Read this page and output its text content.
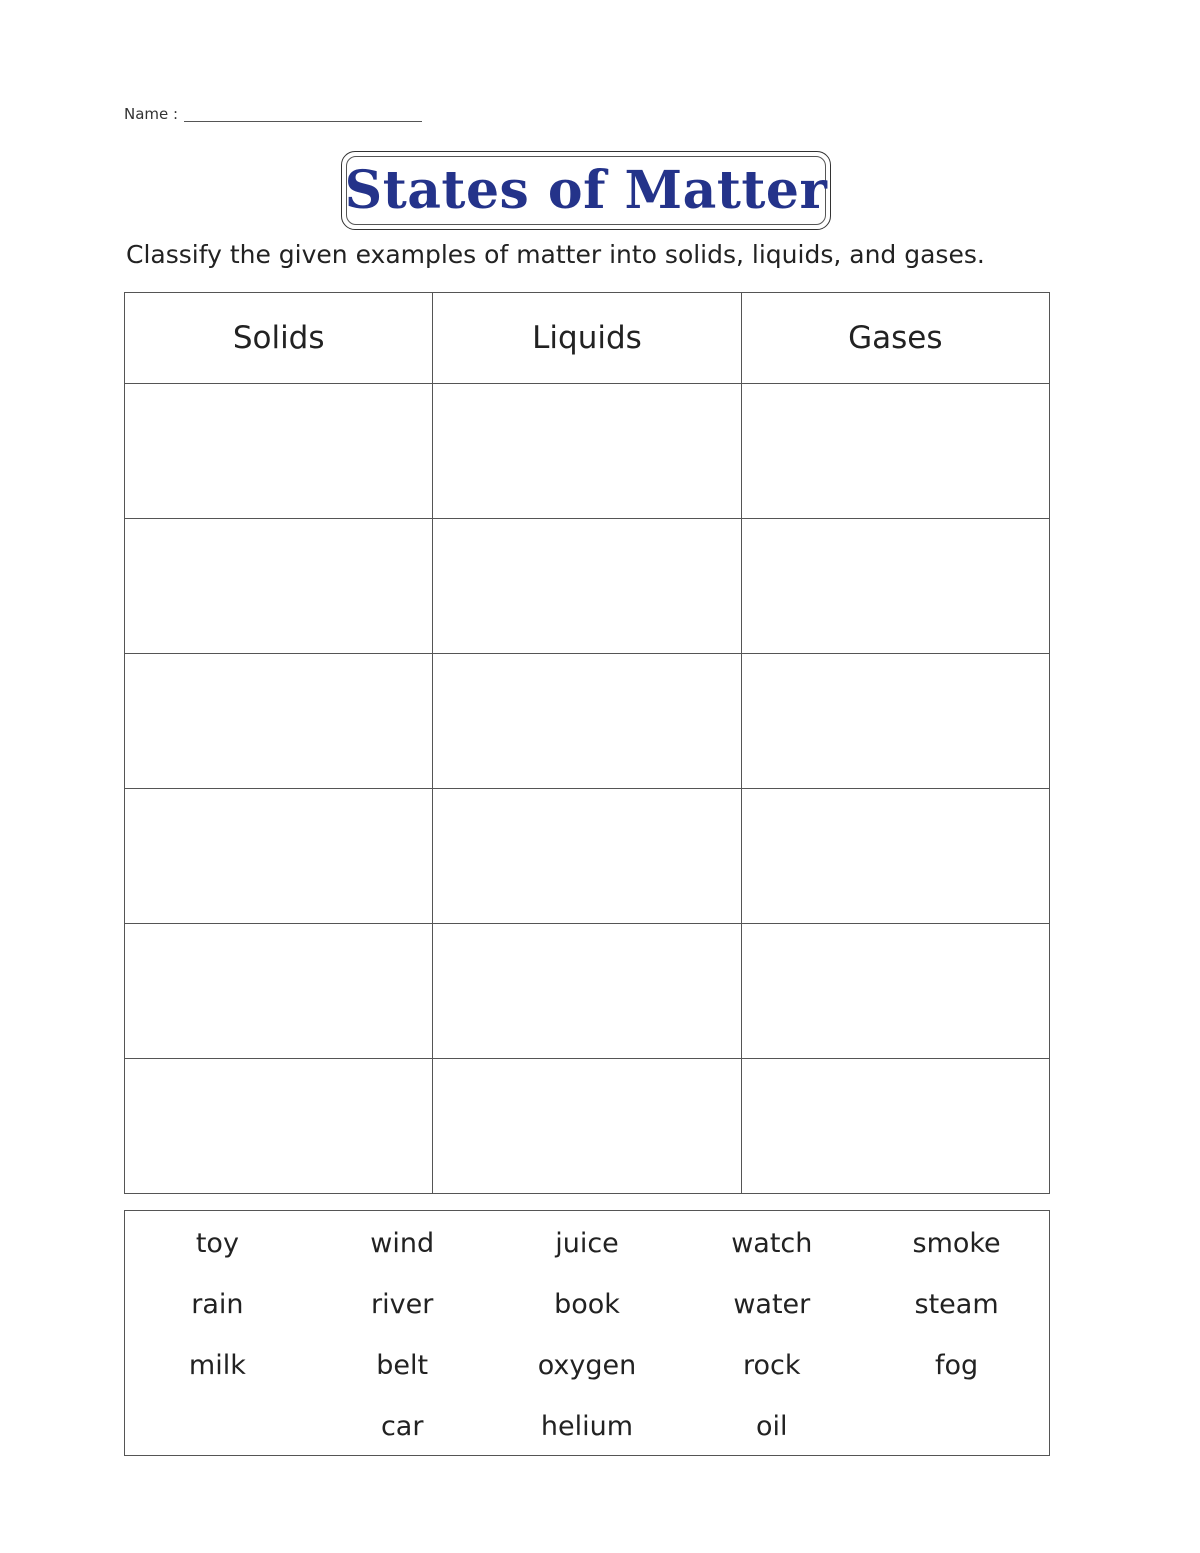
Name :
States of Matter
Classify the given examples of matter into solids, liquids, and gases.
Solids	Liquids	Gases

toy	wind	juice	watch	smoke
rain	river	book	water	steam
milk	belt	oxygen	rock	fog
car	helium	oil
